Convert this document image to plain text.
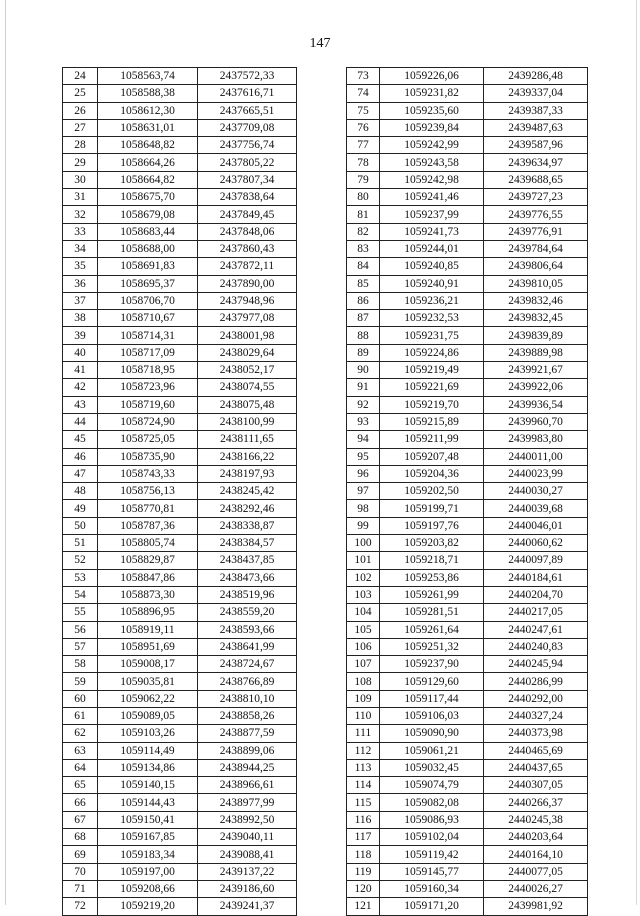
147
24	1058563,74	2437572,33
25	1058588,38	2437616,71
26	1058612,30	2437665,51
27	1058631,01	2437709,08
28	1058648,82	2437756,74
29	1058664,26	2437805,22
30	1058664,82	2437807,34
31	1058675,70	2437838,64
32	1058679,08	2437849,45
33	1058683,44	2437848,06
34	1058688,00	2437860,43
35	1058691,83	2437872,11
36	1058695,37	2437890,00
37	1058706,70	2437948,96
38	1058710,67	2437977,08
39	1058714,31	2438001,98
40	1058717,09	2438029,64
41	1058718,95	2438052,17
42	1058723,96	2438074,55
43	1058719,60	2438075,48
44	1058724,90	2438100,99
45	1058725,05	2438111,65
46	1058735,90	2438166,22
47	1058743,33	2438197,93
48	1058756,13	2438245,42
49	1058770,81	2438292,46
50	1058787,36	2438338,87
51	1058805,74	2438384,57
52	1058829,87	2438437,85
53	1058847,86	2438473,66
54	1058873,30	2438519,96
55	1058896,95	2438559,20
56	1058919,11	2438593,66
57	1058951,69	2438641,99
58	1059008,17	2438724,67
59	1059035,81	2438766,89
60	1059062,22	2438810,10
61	1059089,05	2438858,26
62	1059103,26	2438877,59
63	1059114,49	2438899,06
64	1059134,86	2438944,25
65	1059140,15	2438966,61
66	1059144,43	2438977,99
67	1059150,41	2438992,50
68	1059167,85	2439040,11
69	1059183,34	2439088,41
70	1059197,00	2439137,22
71	1059208,66	2439186,60
72	1059219,20	2439241,37
73	1059226,06	2439286,48
74	1059231,82	2439337,04
75	1059235,60	2439387,33
76	1059239,84	2439487,63
77	1059242,99	2439587,96
78	1059243,58	2439634,97
79	1059242,98	2439688,65
80	1059241,46	2439727,23
81	1059237,99	2439776,55
82	1059241,73	2439776,91
83	1059244,01	2439784,64
84	1059240,85	2439806,64
85	1059240,91	2439810,05
86	1059236,21	2439832,46
87	1059232,53	2439832,45
88	1059231,75	2439839,89
89	1059224,86	2439889,98
90	1059219,49	2439921,67
91	1059221,69	2439922,06
92	1059219,70	2439936,54
93	1059215,89	2439960,70
94	1059211,99	2439983,80
95	1059207,48	2440011,00
96	1059204,36	2440023,99
97	1059202,50	2440030,27
98	1059199,71	2440039,68
99	1059197,76	2440046,01
100	1059203,82	2440060,62
101	1059218,71	2440097,89
102	1059253,86	2440184,61
103	1059261,99	2440204,70
104	1059281,51	2440217,05
105	1059261,64	2440247,61
106	1059251,32	2440240,83
107	1059237,90	2440245,94
108	1059129,60	2440286,99
109	1059117,44	2440292,00
110	1059106,03	2440327,24
111	1059090,90	2440373,98
112	1059061,21	2440465,69
113	1059032,45	2440437,65
114	1059074,79	2440307,05
115	1059082,08	2440266,37
116	1059086,93	2440245,38
117	1059102,04	2440203,64
118	1059119,42	2440164,10
119	1059145,77	2440077,05
120	1059160,34	2440026,27
121	1059171,20	2439981,92
